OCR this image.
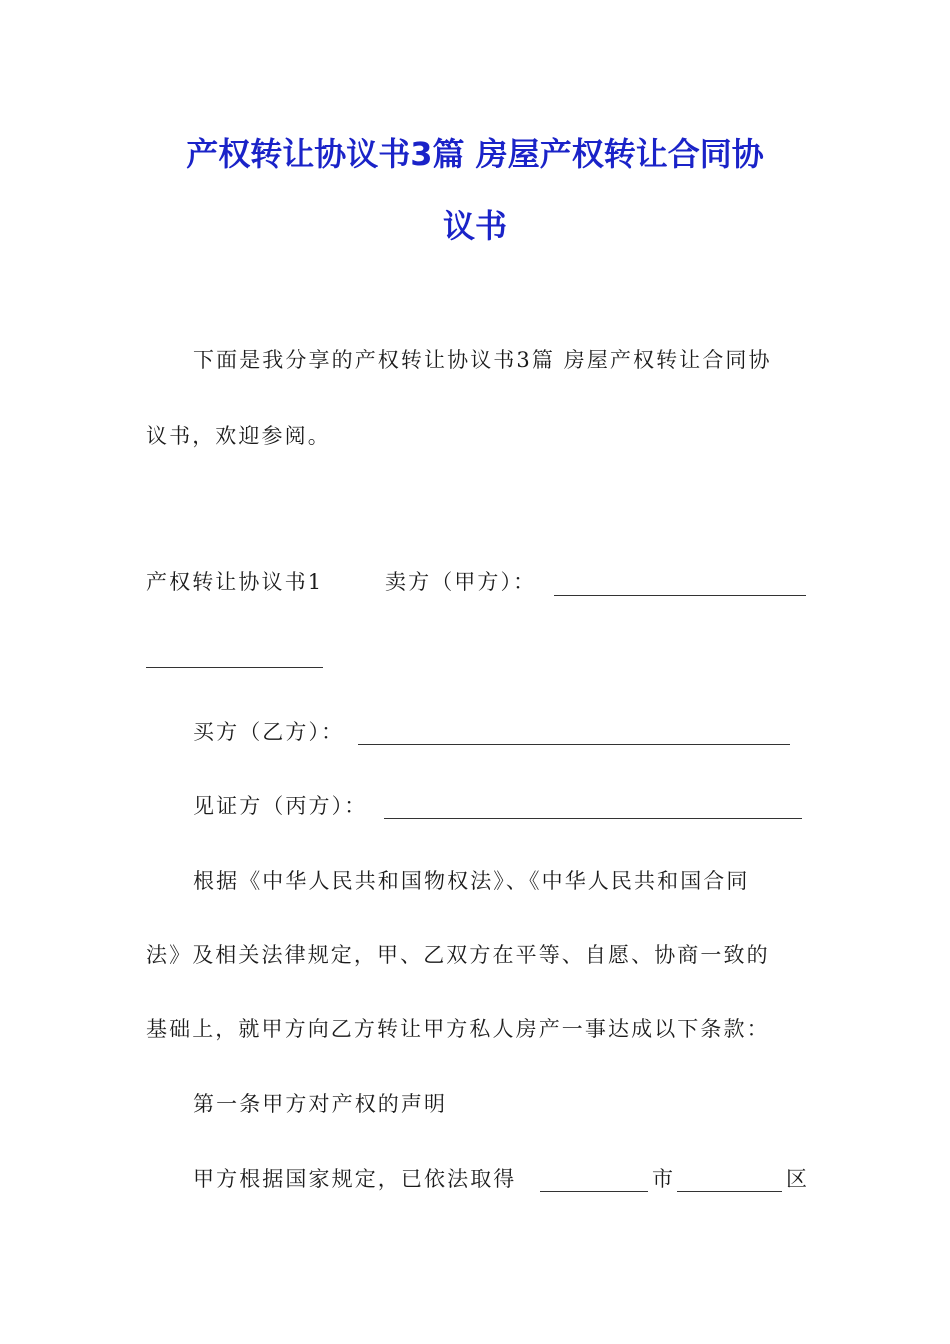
产权转让协议书3篇 房屋产权转让合同协
议书
下面是我分享的产权转让协议书3篇 房屋产权转让合同协
议书，欢迎参阅。
产权转让协议书1	卖方（甲方）：
买方（乙方）：
见证方（丙方）：
根据《中华人民共和国物权法》、《中华人民共和国合同
法》及相关法律规定，甲、乙双方在平等、自愿、协商一致的
基础上，就甲方向乙方转让甲方私人房产一事达成以下条款：
第一条甲方对产权的声明
甲方根据国家规定，已依法取得	市	区
